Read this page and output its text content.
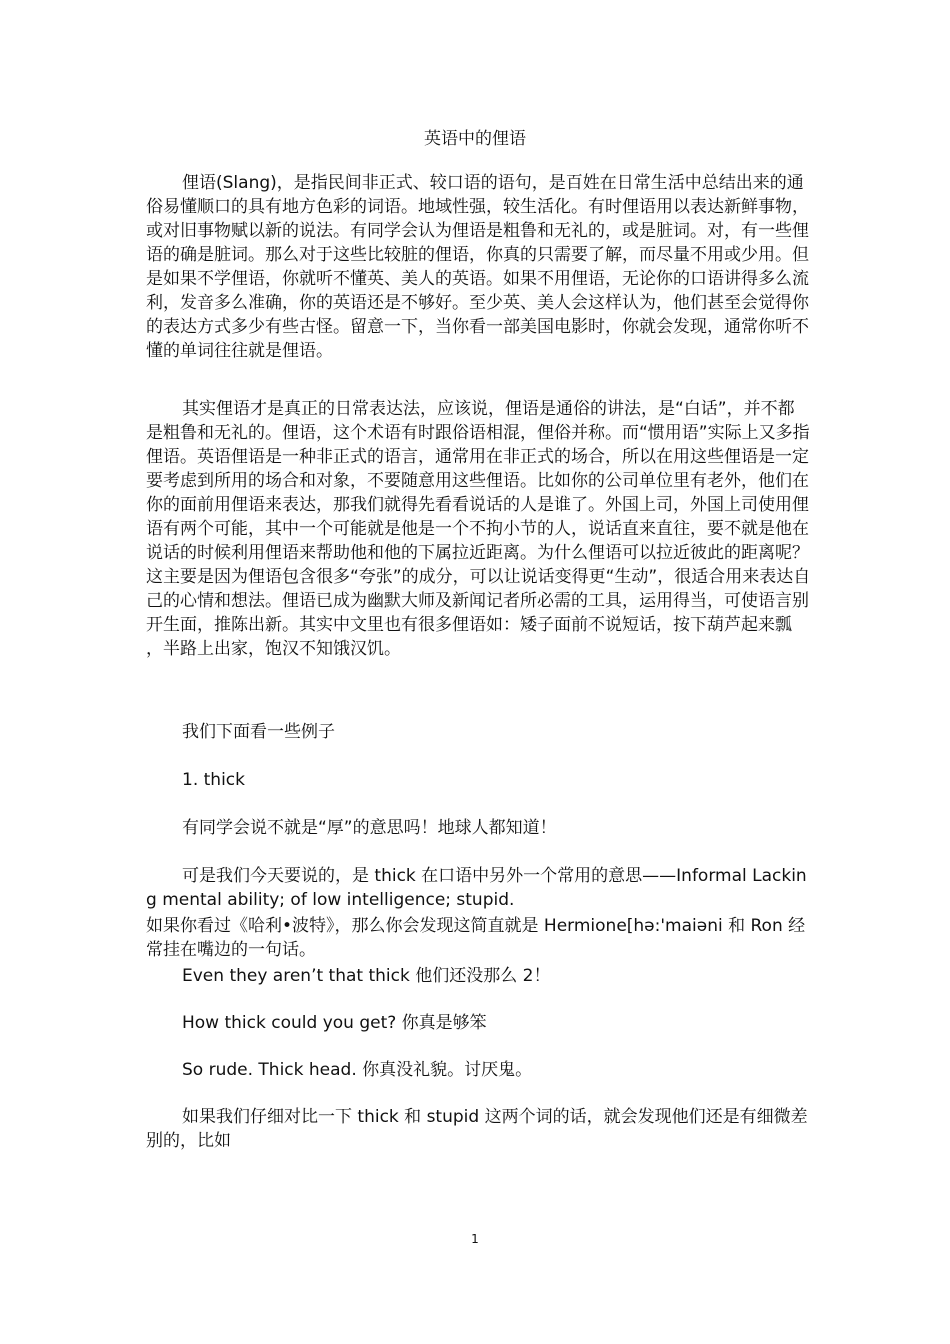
英语中的俚语

俚语(Slang)，是指民间非正式、较口语的语句，是百姓在日常生活中总结出来的通俗易懂顺口的具有地方色彩的词语。地域性强，较生活化。有时俚语用以表达新鲜事物，或对旧事物赋以新的说法。有同学会认为俚语是粗鲁和无礼的，或是脏词。对，有一些俚语的确是脏词。那么对于这些比较脏的俚语，你真的只需要了解，而尽量不用或少用。但是如果不学俚语，你就听不懂英、美人的英语。如果不用俚语，无论你的口语讲得多么流利，发音多么准确，你的英语还是不够好。至少英、美人会这样认为，他们甚至会觉得你的表达方式多少有些古怪。留意一下，当你看一部美国电影时，你就会发现，通常你听不懂的单词往往就是俚语。

其实俚语才是真正的日常表达法，应该说，俚语是通俗的讲法，是“白话”，并不都是粗鲁和无礼的。俚语，这个术语有时跟俗语相混，俚俗并称。而“惯用语”实际上又多指俚语。英语俚语是一种非正式的语言，通常用在非正式的场合，所以在用这些俚语是一定要考虑到所用的场合和对象，不要随意用这些俚语。比如你的公司单位里有老外，他们在你的面前用俚语来表达，那我们就得先看看说话的人是谁了。外国上司，外国上司使用俚语有两个可能，其中一个可能就是他是一个不拘小节的人，说话直来直往，要不就是他在说话的时候利用俚语来帮助他和他的下属拉近距离。为什么俚语可以拉近彼此的距离呢？这主要是因为俚语包含很多“夸张”的成分，可以让说话变得更“生动”，很适合用来表达自己的心情和想法。俚语已成为幽默大师及新闻记者所必需的工具，运用得当，可使语言别开生面，推陈出新。其实中文里也有很多俚语如：矮子面前不说短话，按下葫芦起来瓢 ，半路上出家，饱汉不知饿汉饥。

我们下面看一些例子

1. thick

有同学会说不就是“厚”的意思吗！地球人都知道！

可是我们今天要说的，是 thick 在口语中另外一个常用的意思——Informal Lacking mental ability; of low intelligence; stupid.

如果你看过《哈利•波特》，那么你会发现这简直就是 Hermione[hə:'maiəni 和 Ron 经常挂在嘴边的一句话。

Even they aren’t that thick 他们还没那么 2！

How thick could you get? 你真是够笨

So rude. Thick head. 你真没礼貌。讨厌鬼。

如果我们仔细对比一下 thick 和 stupid 这两个词的话，就会发现他们还是有细微差别的，比如

1
